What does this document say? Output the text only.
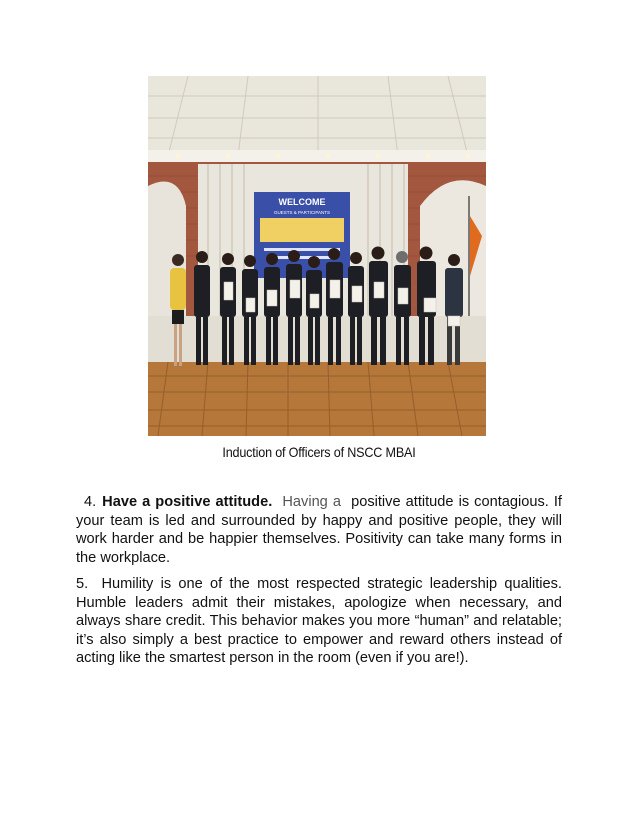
WELCOME
GUESTS & PARTICIPANTS
Induction of Officers of NSCC MBAI

4. Have a positive attitude. Having a positive attitude is contagious. If your team is led and surrounded by happy and positive people, they will work harder and be happier themselves. Positivity can take many forms in the workplace.

5. Humility is one of the most respected strategic leadership qualities. Humble leaders admit their mistakes, apologize when necessary, and always share credit. This behavior makes you more “human” and relatable; it’s also simply a best practice to empower and reward others instead of acting like the smartest person in the room (even if you are!).
